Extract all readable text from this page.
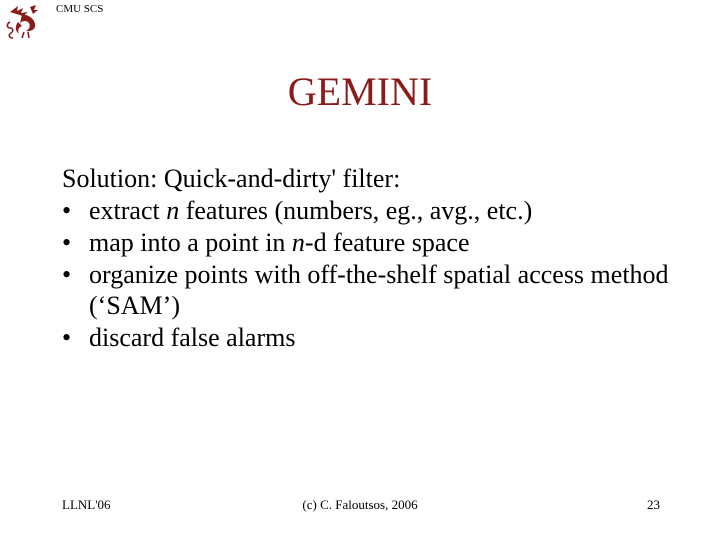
CMU SCS
GEMINI
Solution: Quick-and-dirty' filter:
• extract n features (numbers, eg., avg., etc.)
• map into a point in n-d feature space
• organize points with off-the-shelf spatial access method (‘SAM’)
• discard false alarms
LLNL'06	(c) C. Faloutsos, 2006	23
